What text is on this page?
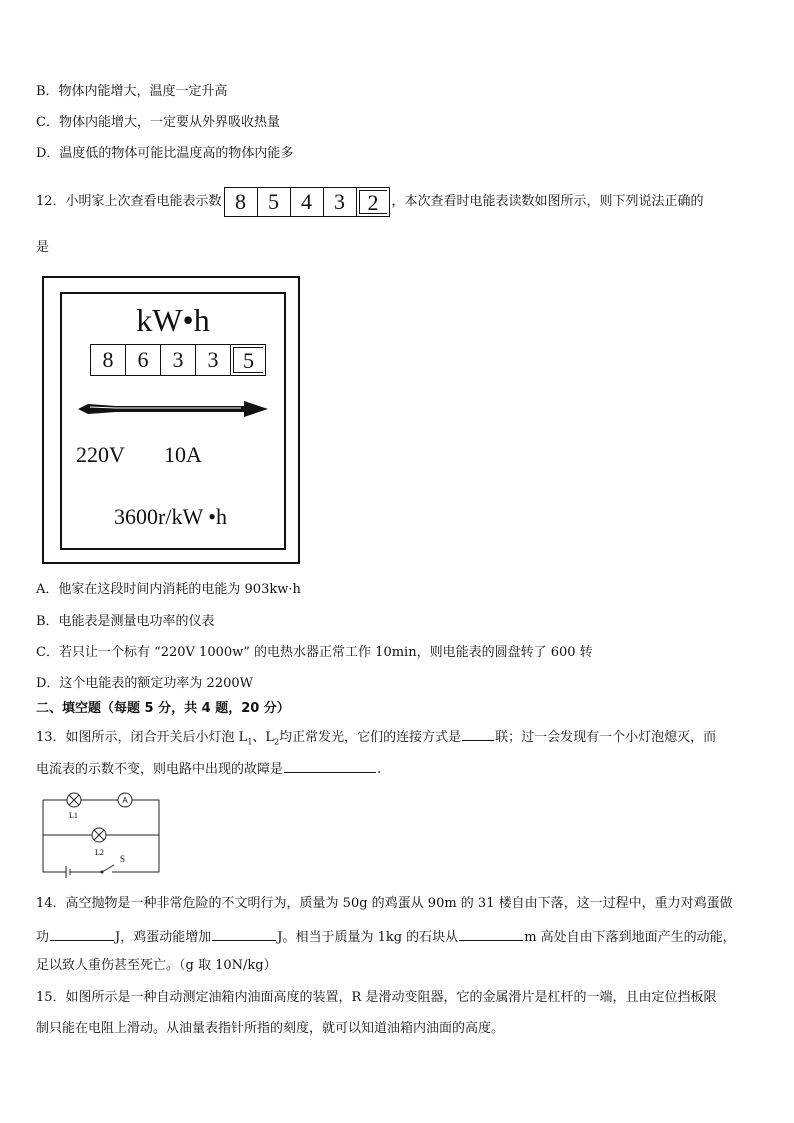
B．物体内能增大，温度一定升高
C．物体内能增大，一定要从外界吸收热量
D．温度低的物体可能比温度高的物体内能多
12．小明家上次查看电能表示数 8	5	4	3	2	，本次查看时电能表读数如图所示，则下列说法正确的
是
kW•h
8	6	3	3	5
220V 10A
3600r/kW •h
A．他家在这段时间内消耗的电能为 903kw·h
B．电能表是测量电功率的仪表
C．若只让一个标有 “220V 1000w” 的电热水器正常工作 10min，则电能表的圆盘转了 600 转
D．这个电能表的额定功率为 2200W
二、填空题（每题 5 分，共 4 题，20 分）
13．如图所示，闭合开关后小灯泡 $L_1$、$L_2$均正常发光，它们的连接方式是	联；过一会发现有一个小灯泡熄灭，而
电流表的示数不变，则电路中出现的故障是	.
A
L1
L2
S
14．高空抛物是一种非常危险的不文明行为，质量为 50g 的鸡蛋从 90m 的 31 楼自由下落，这一过程中，重力对鸡蛋做
功	J，鸡蛋动能增加	J。相当于质量为 1kg 的石块从	m 高处自由下落到地面产生的动能，
足以致人重伤甚至死亡。（g 取 10N/kg）
15．如图所示是一种自动测定油箱内油面高度的装置，R 是滑动变阻器，它的金属滑片是杠杆的一端，且由定位挡板限
制只能在电阻上滑动。从油量表指针所指的刻度，就可以知道油箱内油面的高度。
